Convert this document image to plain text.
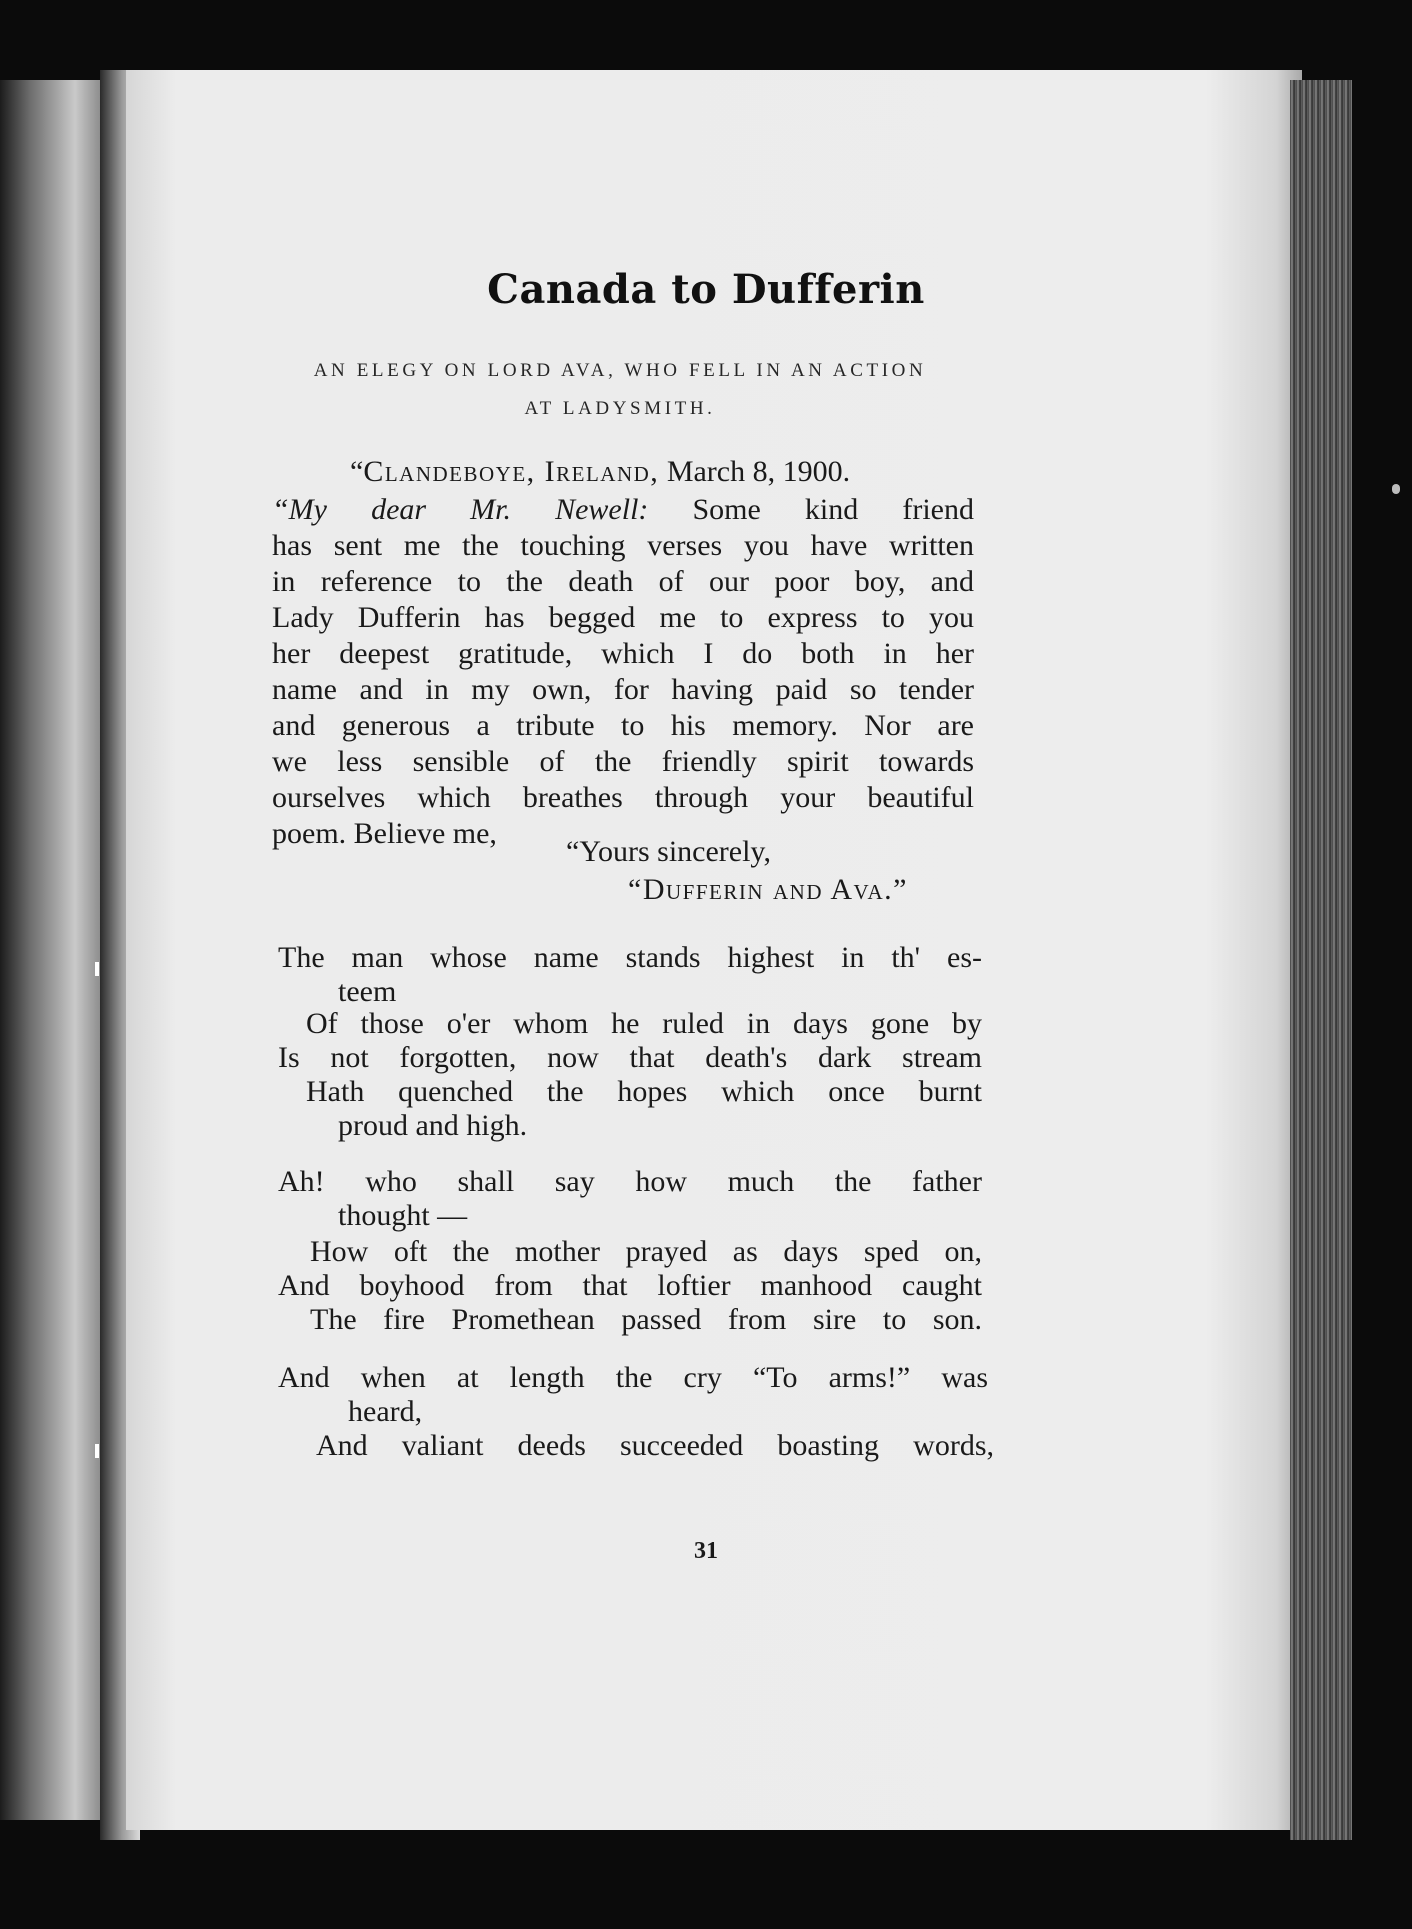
Canada to Dufferin
AN ELEGY ON LORD AVA, WHO FELL IN AN ACTION
AT LADYSMITH.
“Clandeboye, Ireland, March 8, 1900.
“My dear Mr. Newell: Some kind friend
has sent me the touching verses you have written
in reference to the death of our poor boy, and
Lady Dufferin has begged me to express to you
her deepest gratitude, which I do both in her
name and in my own, for having paid so tender
and generous a tribute to his memory. Nor are
we less sensible of the friendly spirit towards
ourselves which breathes through your beautiful
poem. Believe me,
“Yours sincerely,
“Dufferin and Ava.”
The man whose name stands highest in th' es-
teem
Of those o'er whom he ruled in days gone by
Is not forgotten, now that death's dark stream
Hath quenched the hopes which once burnt
proud and high.
Ah! who shall say how much the father
thought —
How oft the mother prayed as days sped on,
And boyhood from that loftier manhood caught
The fire Promethean passed from sire to son.
And when at length the cry “To arms!” was
heard,
And valiant deeds succeeded boasting words,
31
